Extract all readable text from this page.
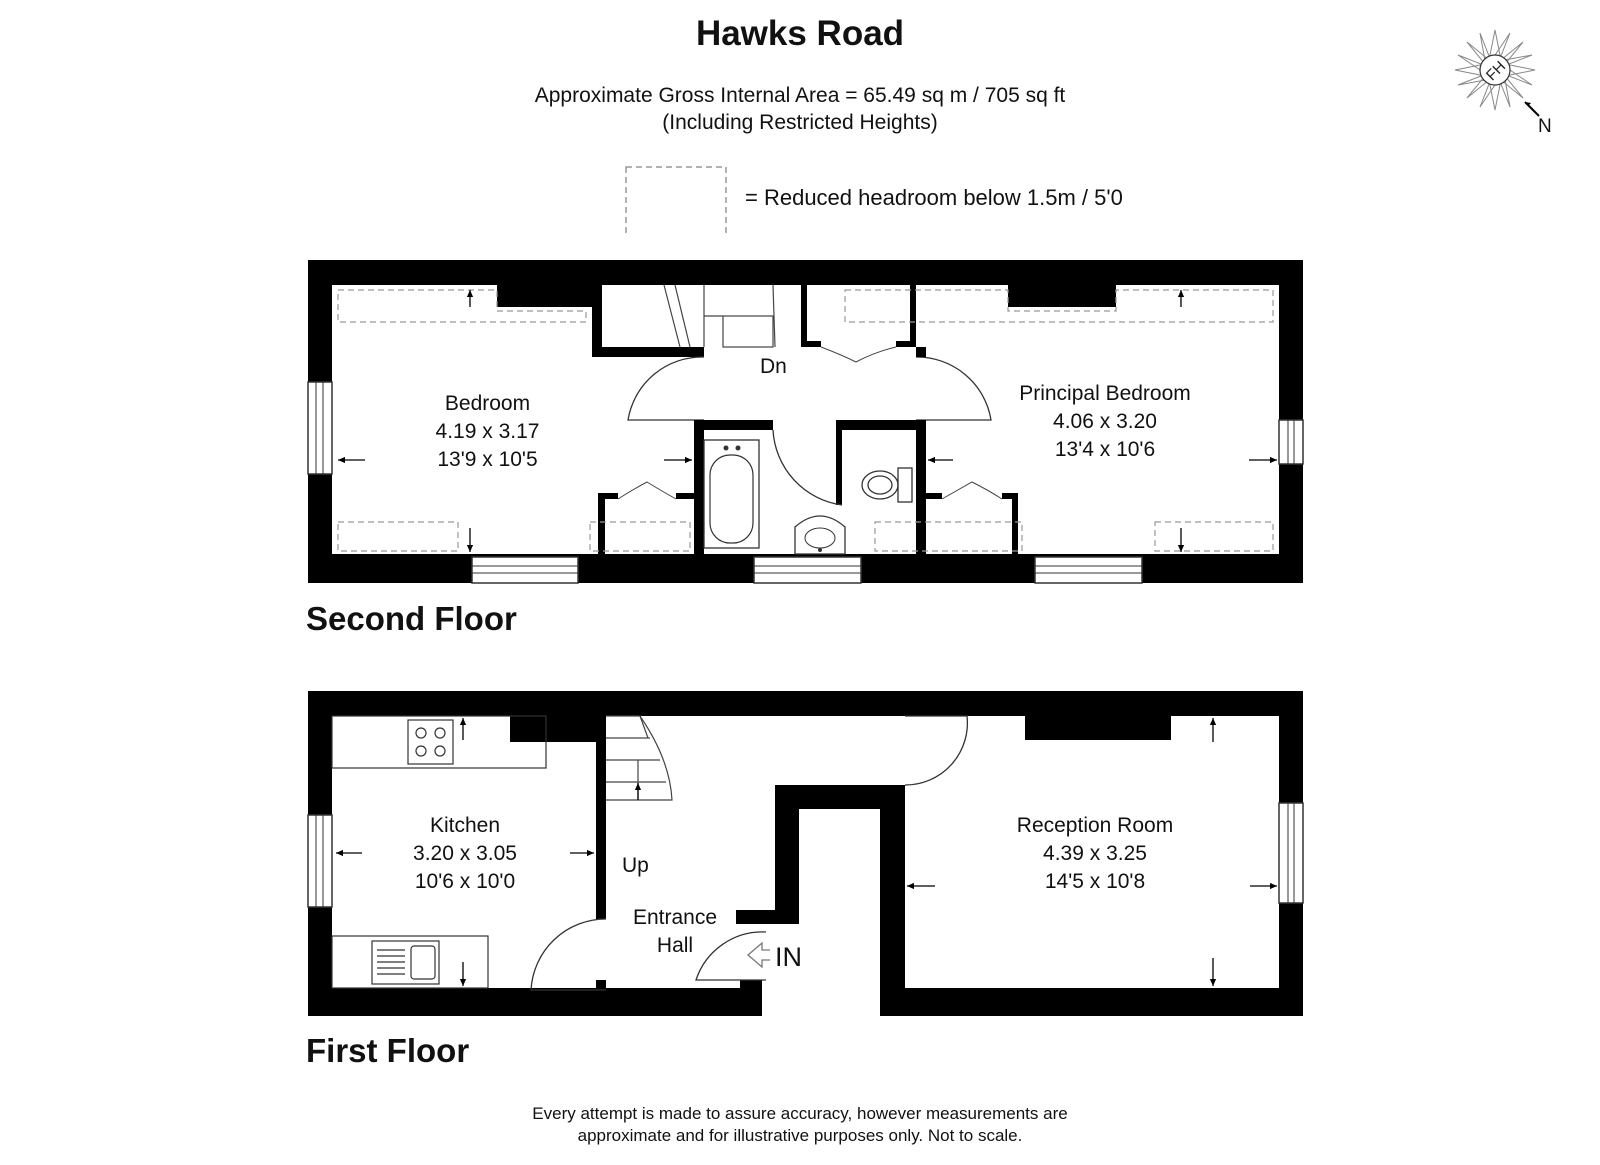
Hawks Road
Approximate Gross Internal Area = 65.49 sq m / 705 sq ft
(Including Restricted Heights)
= Reduced headroom below 1.5m / 5'0
FH
N
Bedroom
4.19 x 3.17
13'9 x 10'5
Principal Bedroom
4.06 x 3.20
13'4 x 10'6
Dn
Second Floor
Kitchen
3.20 x 3.05
10'6 x 10'0
Entrance
Hall
Reception Room
4.39 x 3.25
14'5 x 10'8
Up
IN
First Floor
Every attempt is made to assure accuracy, however measurements are
approximate and for illustrative purposes only. Not to scale.
